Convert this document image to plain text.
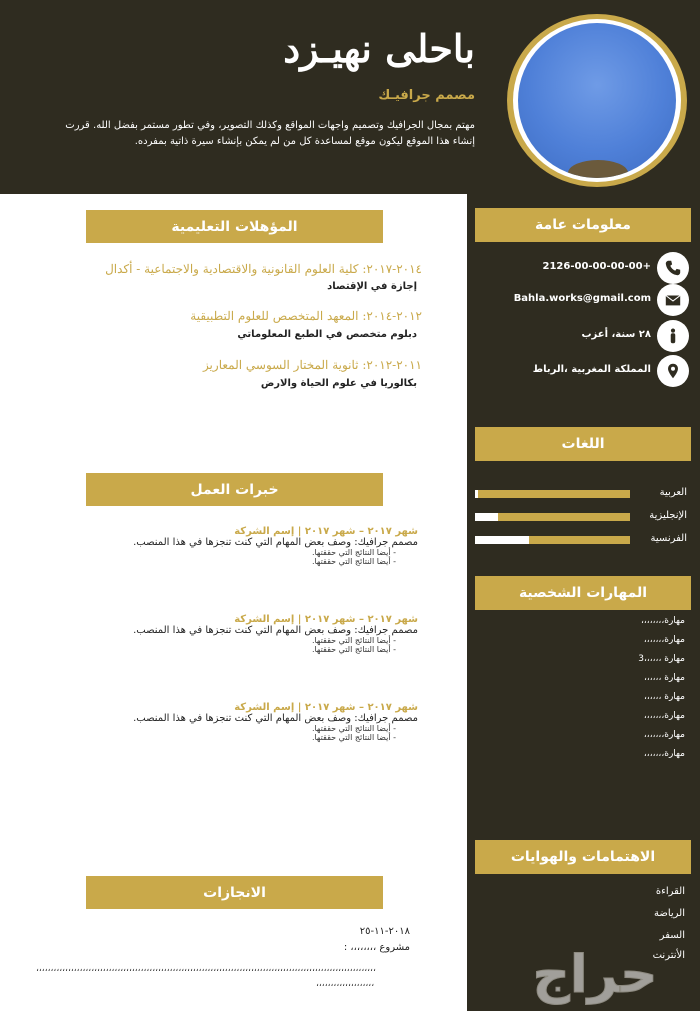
باحلى نهيـزد
مصمم جرافيـك
مهتم بمجال الجرافيك وتصميم واجهات المواقع وكذلك التصوير، وفي تطور مستمر بفضل الله. قررت
إنشاء هذا الموقع ليكون موقع لمساعدة كل من لم يمكن بإنشاء سيرة ذاتية بمفرده.
معلومات عامة
+2126-00-00-00-00
Bahla.works@gmail.com
٢٨ سنة، أعزب
المملكة المغربية ،الرباط
اللغات
العربية
الإنجليزية
الفرنسية
المهارات الشخصية
مهارة،،،،،،،،
مهارة،،،،،،،
مهارة ،،،،،،3
مهارة ،،،،،،
مهارة ،،،،،،
مهارة،،،،،،،
مهارة،،،،،،،
مهارة،،،،،،،
الاهتمامات والهوايات
القراءة
الرياضة
السفر
الأنترنت
المؤهلات التعليمية
٢٠١٤-٢٠١٧: كلية العلوم القانونية والاقتصادية والاجتماعية - أكدال
إجازة في الإقتصاد
٢٠١٢-٢٠١٤: المعهد المتخصص للعلوم التطبيقية
دبلوم متخصص في الطبع المعلوماتي
٢٠١١-٢٠١٢: ثانوية المختار السوسي المعاريز
بكالوريا في علوم الحياة والارض
خبرات العمل
شهر ٢٠١٧ – شهر ٢٠١٧ | إسم الشركة
مصمم جرافيك: وصف بعض المهام التي كنت تنجزها في هذا المنصب.
- أيضا النتائج التي حققتها.
- أيضا النتائج التي حققتها.
شهر ٢٠١٧ – شهر ٢٠١٧ | إسم الشركة
مصمم جرافيك: وصف بعض المهام التي كنت تنجزها في هذا المنصب.
- أيضا النتائج التي حققتها.
- أيضا النتائج التي حققتها.
شهر ٢٠١٧ – شهر ٢٠١٧ | إسم الشركة
مصمم جرافيك: وصف بعض المهام التي كنت تنجزها في هذا المنصب.
- أيضا النتائج التي حققتها.
- أيضا النتائج التي حققتها.
الانجازات
٢٠١٨-١١-٢٥
مشروع ،،،،،،،، :
،،،،،،،،،،،،،،،،،،،،،،،،،،،،،،،،،،،،،،،،،،،،،،،،،،،،،،،،،،،،،،،،،،،،،،،،،،،،،،،،،،،،،،،،،،،،،،،،،،،،،،،،،،،،،،،،،،،،،
،،،،،،،،،،،،،،،،،،،،	حراج
